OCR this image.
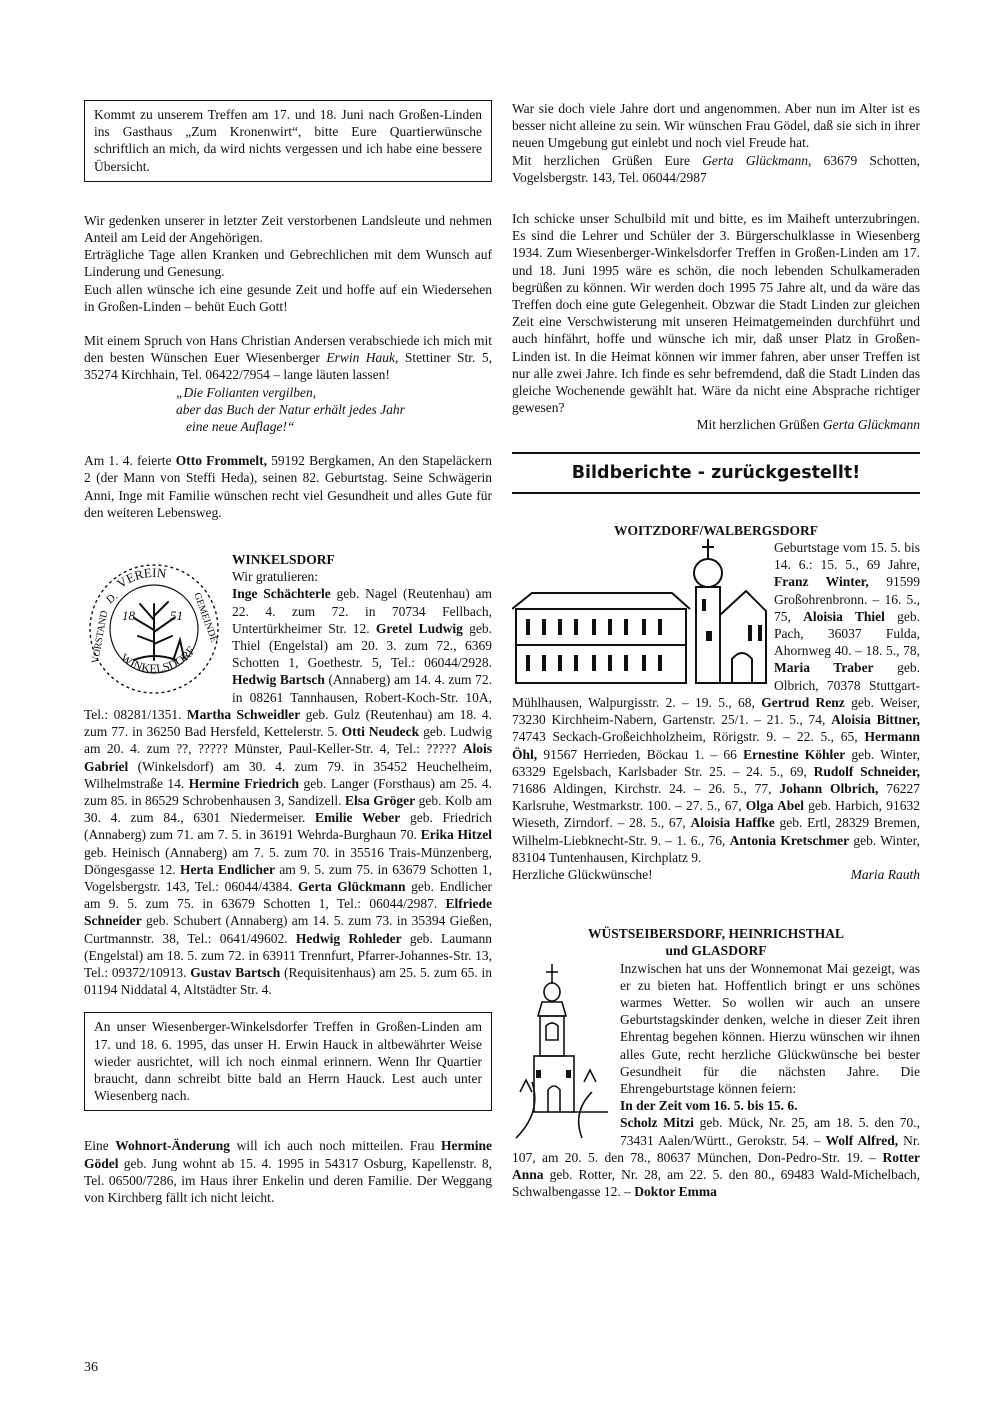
Kommt zu unserem Treffen am 17. und 18. Juni nach Großen-Linden ins Gasthaus „Zum Kronenwirt“, bitte Eure Quartierwünsche schriftlich an mich, da wird nichts vergessen und ich habe eine bessere Übersicht.

Wir gedenken unserer in letzter Zeit verstorbenen Landsleute und nehmen Anteil am Leid der Angehörigen.

Erträgliche Tage allen Kranken und Gebrechlichen mit dem Wunsch auf Linderung und Genesung.

Euch allen wünsche ich eine gesunde Zeit und hoffe auf ein Wiedersehen in Großen-Linden – behüt Euch Gott!

Mit einem Spruch von Hans Christian Andersen verabschiede ich mich mit den besten Wünschen Euer Wiesenberger Erwin Hauk, Stettiner Str. 5, 35274 Kirchhain, Tel. 06422/7954 – lange läuten lassen!

„Die Folianten vergilben,

aber das Buch der Natur erhält jedes Jahr

eine neue Auflage!“

Am 1. 4. feierte Otto Frommelt, 59192 Bergkamen, An den Stapeläckern 2 (der Mann von Steffi Heda), seinen 82. Geburtstag. Seine Schwägerin Anni, Inge mit Familie wünschen recht viel Gesundheit und alles Gute für den weiteren Lebensweg.

WINKELSDORF
VEREIN
WINKELSDORF
D.	GEMEINDE
VORSTAND 18	51
Wir gratulieren:

Inge Schächterle geb. Nagel (Reutenhau) am 22. 4. zum 72. in 70734 Fellbach, Untertürkheimer Str. 12. Gretel Ludwig geb. Thiel (Engelstal) am 20. 3. zum 72., 6369 Schotten 1, Goethestr. 5, Tel.: 06044/2928. Hedwig Bartsch (Annaberg) am 14. 4. zum 72. in 08261 Tannhausen, Robert-Koch-Str. 10A, Tel.: 08281/1351. Martha Schweidler geb. Gulz (Reutenhau) am 18. 4. zum 77. in 36250 Bad Hersfeld, Kettelerstr. 5. Otti Neudeck geb. Ludwig am 20. 4. zum ??, ????? Münster, Paul-Keller-Str. 4, Tel.: ????? Alois Gabriel (Winkelsdorf) am 30. 4. zum 79. in 35452 Heuchelheim, Wilhelmstraße 14. Hermine Friedrich geb. Langer (Forsthaus) am 25. 4. zum 85. in 86529 Schrobenhausen 3, Sandizell. Elsa Gröger geb. Kolb am 30. 4. zum 84., 6301 Niedermeiser. Emilie Weber geb. Friedrich (Annaberg) zum 71. am 7. 5. in 36191 Wehrda-Burghaun 70. Erika Hitzel geb. Heinisch (Annaberg) am 7. 5. zum 70. in 35516 Trais-Münzenberg, Döngesgasse 12. Herta Endlicher am 9. 5. zum 75. in 63679 Schotten 1, Vogelsbergstr. 143, Tel.: 06044/4384. Gerta Glückmann geb. Endlicher am 9. 5. zum 75. in 63679 Schotten 1, Tel.: 06044/2987. Elfriede Schneider geb. Schubert (Annaberg) am 14. 5. zum 73. in 35394 Gießen, Curtmannstr. 38, Tel.: 0641/49602. Hedwig Rohleder geb. Laumann (Engelstal) am 18. 5. zum 72. in 63911 Trennfurt, Pfarrer-Johannes-Str. 13, Tel.: 09372/10913. Gustav Bartsch (Requisitenhaus) am 25. 5. zum 65. in 01194 Niddatal 4, Altstädter Str. 4.

An unser Wiesenberger-Winkelsdorfer Treffen in Großen-Linden am 17. und 18. 6. 1995, das unser H. Erwin Hauck in altbewährter Weise wieder ausrichtet, will ich noch einmal erinnern. Wenn Ihr Quartier braucht, dann schreibt bitte bald an Herrn Hauck. Lest auch unter Wiesenberg nach.

Eine Wohnort-Änderung will ich auch noch mitteilen. Frau Hermine Gödel geb. Jung wohnt ab 15. 4. 1995 in 54317 Osburg, Kapellenstr. 8, Tel. 06500/7286, im Haus ihrer Enkelin und deren Familie. Der Weggang von Kirchberg fällt ich nicht leicht.

War sie doch viele Jahre dort und angenommen. Aber nun im Alter ist es besser nicht alleine zu sein. Wir wünschen Frau Gödel, daß sie sich in ihrer neuen Umgebung gut einlebt und noch viel Freude hat.

Mit herzlichen Grüßen Eure Gerta Glückmann, 63679 Schotten, Vogelsbergstr. 143, Tel. 06044/2987

Ich schicke unser Schulbild mit und bitte, es im Maiheft unterzubringen. Es sind die Lehrer und Schüler der 3. Bürgerschulklasse in Wiesenberg 1934. Zum Wiesenberger-Winkelsdorfer Treffen in Großen-Linden am 17. und 18. Juni 1995 wäre es schön, die noch lebenden Schulkameraden begrüßen zu können. Wir werden doch 1995 75 Jahre alt, und da wäre das Treffen doch eine gute Gelegenheit. Obzwar die Stadt Linden zur gleichen Zeit eine Verschwisterung mit unseren Heimatgemeinden durchführt und auch hinfährt, hoffe und wünsche ich mir, daß unser Platz in Großen-Linden ist. In die Heimat können wir immer fahren, aber unser Treffen ist nur alle zwei Jahre. Ich finde es sehr befremdend, daß die Stadt Linden das gleiche Wochenende gewählt hat. Wäre da nicht eine Absprache richtiger gewesen?

Mit herzlichen Grüßen Gerta Glückmann

Bildberichte - zurückgestellt!
WOITZDORF/WALBERGSDORF

Geburtstage vom 15. 5. bis 14. 6.: 15. 5., 69 Jahre, Franz Winter, 91599 Großohrenbronn. – 16. 5., 75, Aloisia Thiel geb. Pach, 36037 Fulda, Ahornweg 40. – 18. 5., 78, Maria Traber geb. Olbrich, 70378 Stuttgart-Mühlhausen, Walpurgisstr. 2. – 19. 5., 68, Gertrud Renz geb. Weiser, 73230 Kirchheim-Nabern, Gartenstr. 25/1. – 21. 5., 74, Aloisia Bittner, 74743 Seckach-Großeichholzheim, Rörigstr. 9. – 22. 5., 65, Hermann Öhl, 91567 Herrieden, Böckau 1. – 66 Ernestine Köhler geb. Winter, 63329 Egelsbach, Karlsbader Str. 25. – 24. 5., 69, Rudolf Schneider, 71686 Aldingen, Kirchstr. 24. – 26. 5., 77, Johann Olbrich, 76227 Karlsruhe, Westmarkstr. 100. – 27. 5., 67, Olga Abel geb. Harbich, 91632 Wieseth, Zirndorf. – 28. 5., 67, Aloisia Haffke geb. Ertl, 28329 Bremen, Wilhelm-Liebknecht-Str. 9. – 1. 6., 76, Antonia Kretschmer geb. Winter, 83104 Tuntenhausen, Kirchplatz 9.

Herzliche Glückwünsche!	Maria Rauth

WÜSTSEIBERSDORF, HEINRICHSTHAL
und GLASDORF

Inzwischen hat uns der Wonnemonat Mai gezeigt, was er zu bieten hat. Hoffentlich bringt er uns schönes warmes Wetter. So wollen wir auch an unsere Geburtstagskinder denken, welche in dieser Zeit ihren Ehrentag begehen können. Hierzu wünschen wir ihnen alles Gute, recht herzliche Glückwünsche bei bester Gesundheit für die nächsten Jahre. Die Ehrengeburtstage können feiern:

In der Zeit vom 16. 5. bis 15. 6.

Scholz Mitzi geb. Mück, Nr. 25, am 18. 5. den 70., 73431 Aalen/Württ., Gerokstr. 54. – Wolf Alfred, Nr. 107, am 20. 5. den 78., 80637 München, Don-Pedro-Str. 19. – Rotter Anna geb. Rotter, Nr. 28, am 22. 5. den 80., 69483 Wald-Michelbach, Schwalbengasse 12. – Doktor Emma

36
